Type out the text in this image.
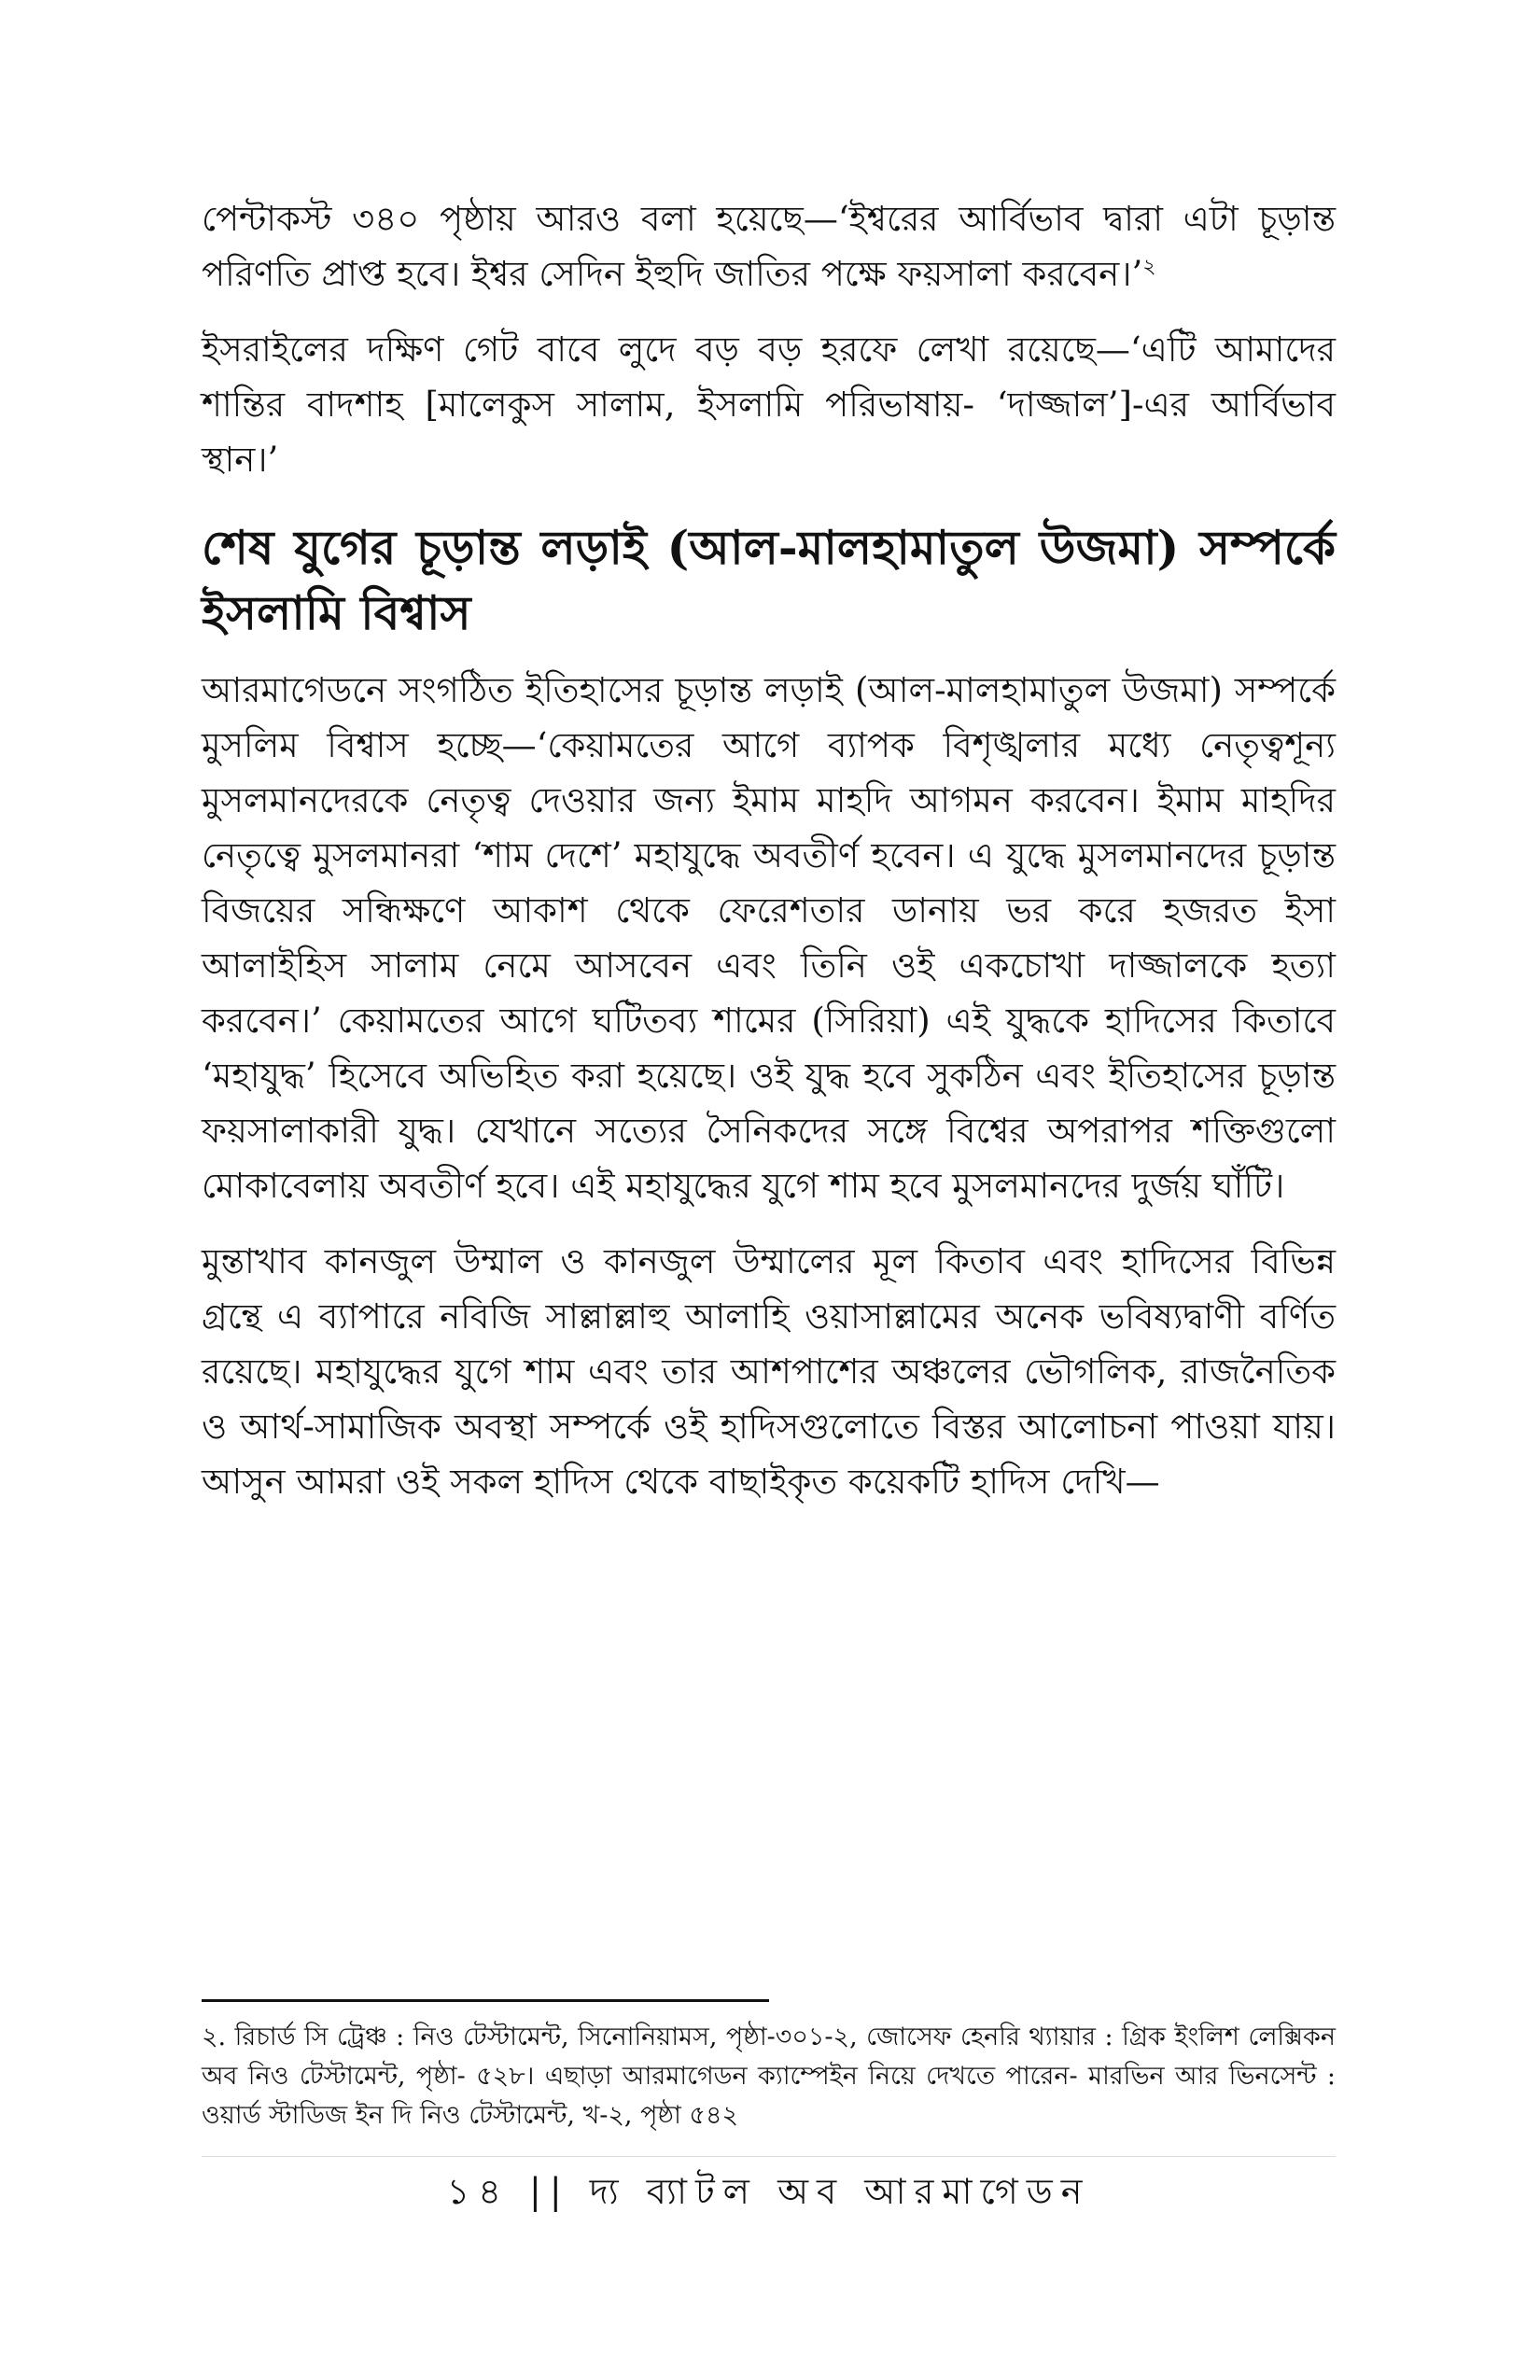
পেন্টাকস্ট ৩৪০ পৃষ্ঠায় আরও বলা হয়েছে—‘ইশ্বরের আর্বিভাব দ্বারা এটা চূড়ান্ত পরিণতি প্রাপ্ত হবে। ইশ্বর সেদিন ইহুদি জাতির পক্ষে ফয়সালা করবেন।’$^২$

ইসরাইলের দক্ষিণ গেট বাবে লুদে বড় বড় হরফে লেখা রয়েছে—‘এটি আমাদের শান্তির বাদশাহ [মালেকুস সালাম, ইসলামি পরিভাষায়- ‘দাজ্জাল’]-এর আর্বিভাব স্থান।’

শেষ যুগের চূড়ান্ত লড়াই (আল-মালহামাতুল উজমা) সম্পর্কে ইসলামি বিশ্বাস

আরমাগেডনে সংগঠিত ইতিহাসের চূড়ান্ত লড়াই (আল-মালহামাতুল উজমা) সম্পর্কে মুসলিম বিশ্বাস হচ্ছে—‘কেয়ামতের আগে ব্যাপক বিশৃঙ্খলার মধ্যে নেতৃত্বশূন্য মুসলমানদেরকে নেতৃত্ব দেওয়ার জন্য ইমাম মাহদি আগমন করবেন। ইমাম মাহদির নেতৃত্বে মুসলমানরা ‘শাম দেশে’ মহাযুদ্ধে অবতীর্ণ হবেন। এ যুদ্ধে মুসলমানদের চূড়ান্ত বিজয়ের সন্ধিক্ষণে আকাশ থেকে ফেরেশতার ডানায় ভর করে হজরত ইসা আলাইহিস সালাম নেমে আসবেন এবং তিনি ওই একচোখা দাজ্জালকে হত্যা করবেন।’ কেয়ামতের আগে ঘটিতব্য শামের (সিরিয়া) এই যুদ্ধকে হাদিসের কিতাবে ‘মহাযুদ্ধ’ হিসেবে অভিহিত করা হয়েছে। ওই যুদ্ধ হবে সুকঠিন এবং ইতিহাসের চূড়ান্ত ফয়সালাকারী যুদ্ধ। যেখানে সত্যের সৈনিকদের সঙ্গে বিশ্বের অপরাপর শক্তিগুলো মোকাবেলায় অবতীর্ণ হবে। এই মহাযুদ্ধের যুগে শাম হবে মুসলমানদের দুর্জয় ঘাঁটি।

মুন্তাখাব কানজুল উম্মাল ও কানজুল উম্মালের মূল কিতাব এবং হাদিসের বিভিন্ন গ্রন্থে এ ব্যাপারে নবিজি সাল্লাল্লাহু আলাহি ওয়াসাল্লামের অনেক ভবিষ্যদ্বাণী বর্ণিত রয়েছে। মহাযুদ্ধের যুগে শাম এবং তার আশপাশের অঞ্চলের ভৌগলিক, রাজনৈতিক ও আর্থ-সামাজিক অবস্থা সম্পর্কে ওই হাদিসগুলোতে বিস্তর আলোচনা পাওয়া যায়। আসুন আমরা ওই সকল হাদিস থেকে বাছাইকৃত কয়েকটি হাদিস দেখি—

২. রিচার্ড সি ট্রেঞ্চ : নিও টেস্টামেন্ট, সিনোনিয়ামস, পৃষ্ঠা-৩০১-২, জোসেফ হেনরি থ্যায়ার : গ্রিক ইংলিশ লেক্সিকন অব নিও টেস্টামেন্ট, পৃষ্ঠা- ৫২৮। এছাড়া আরমাগেডন ক্যাম্পেইন নিয়ে দেখতে পারেন- মারভিন আর ভিনসেন্ট : ওয়ার্ড স্টাডিজ ইন দি নিও টেস্টামেন্ট, খ-২, পৃষ্ঠা ৫৪২

১৪ || দ্য ব্যাটল অব আরমাগেডন
